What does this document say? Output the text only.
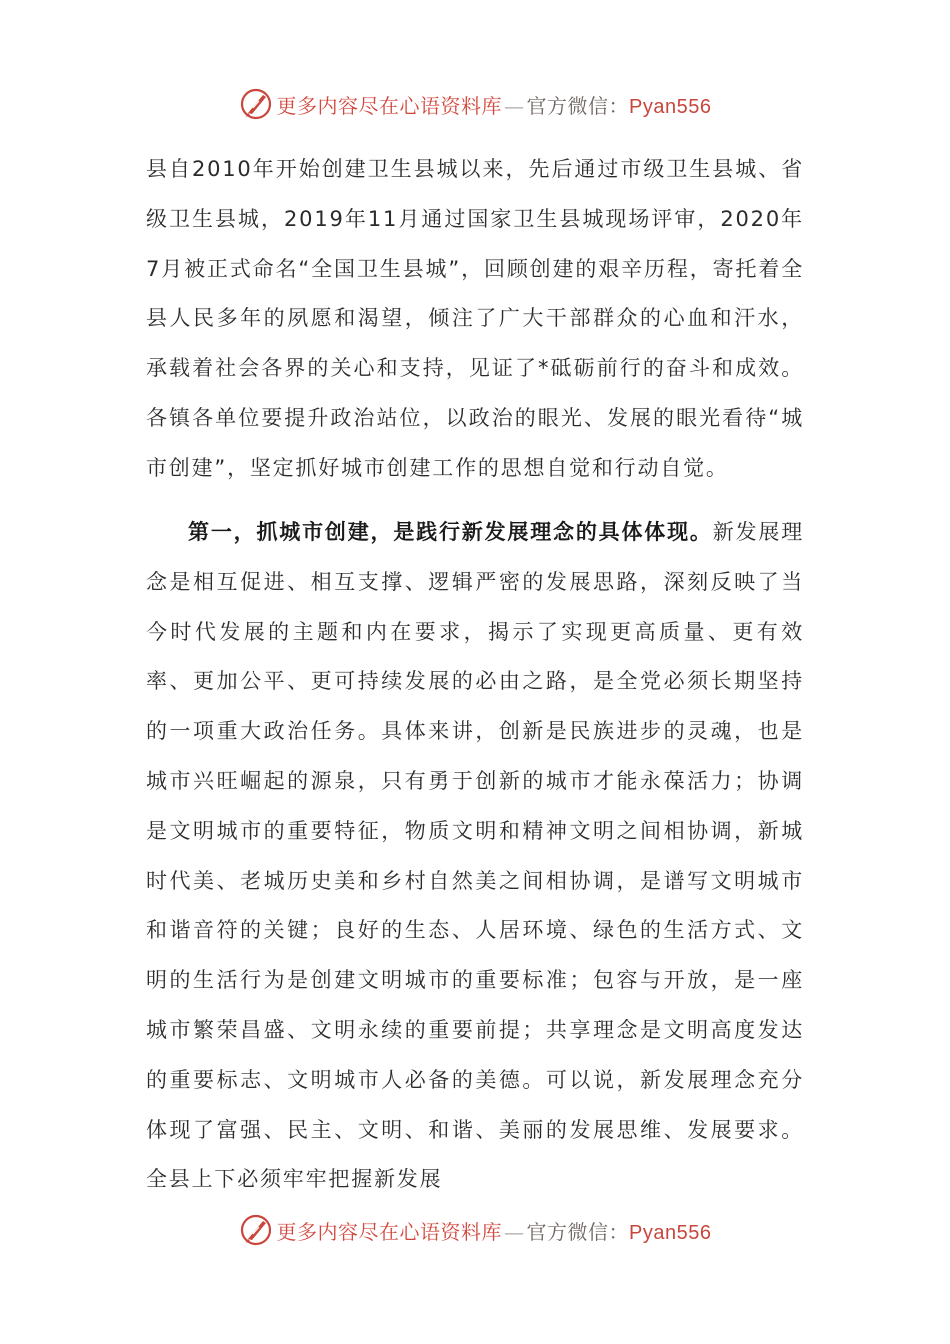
更多内容尽在心语资料库 — 官方微信：Pyan556

县自2010年开始创建卫生县城以来，先后通过市级卫生县城、省级卫生县城，2019年11月通过国家卫生县城现场评审，2020年7月被正式命名“全国卫生县城”，回顾创建的艰辛历程，寄托着全县人民多年的夙愿和渴望，倾注了广大干部群众的心血和汗水，承载着社会各界的关心和支持，见证了*砥砺前行的奋斗和成效。各镇各单位要提升政治站位，以政治的眼光、发展的眼光看待“城市创建”，坚定抓好城市创建工作的思想自觉和行动自觉。

第一，抓城市创建，是践行新发展理念的具体体现。新发展理念是相互促进、相互支撑、逻辑严密的发展思路，深刻反映了当今时代发展的主题和内在要求，揭示了实现更高质量、更有效率、更加公平、更可持续发展的必由之路，是全党必须长期坚持的一项重大政治任务。具体来讲，创新是民族进步的灵魂，也是城市兴旺崛起的源泉，只有勇于创新的城市才能永葆活力；协调是文明城市的重要特征，物质文明和精神文明之间相协调，新城时代美、老城历史美和乡村自然美之间相协调，是谱写文明城市和谐音符的关键；良好的生态、人居环境、绿色的生活方式、文明的生活行为是创建文明城市的重要标准；包容与开放，是一座城市繁荣昌盛、文明永续的重要前提；共享理念是文明高度发达的重要标志、文明城市人必备的美德。可以说，新发展理念充分体现了富强、民主、文明、和谐、美丽的发展思维、发展要求。全县上下必须牢牢把握新发展

更多内容尽在心语资料库 — 官方微信：Pyan556
